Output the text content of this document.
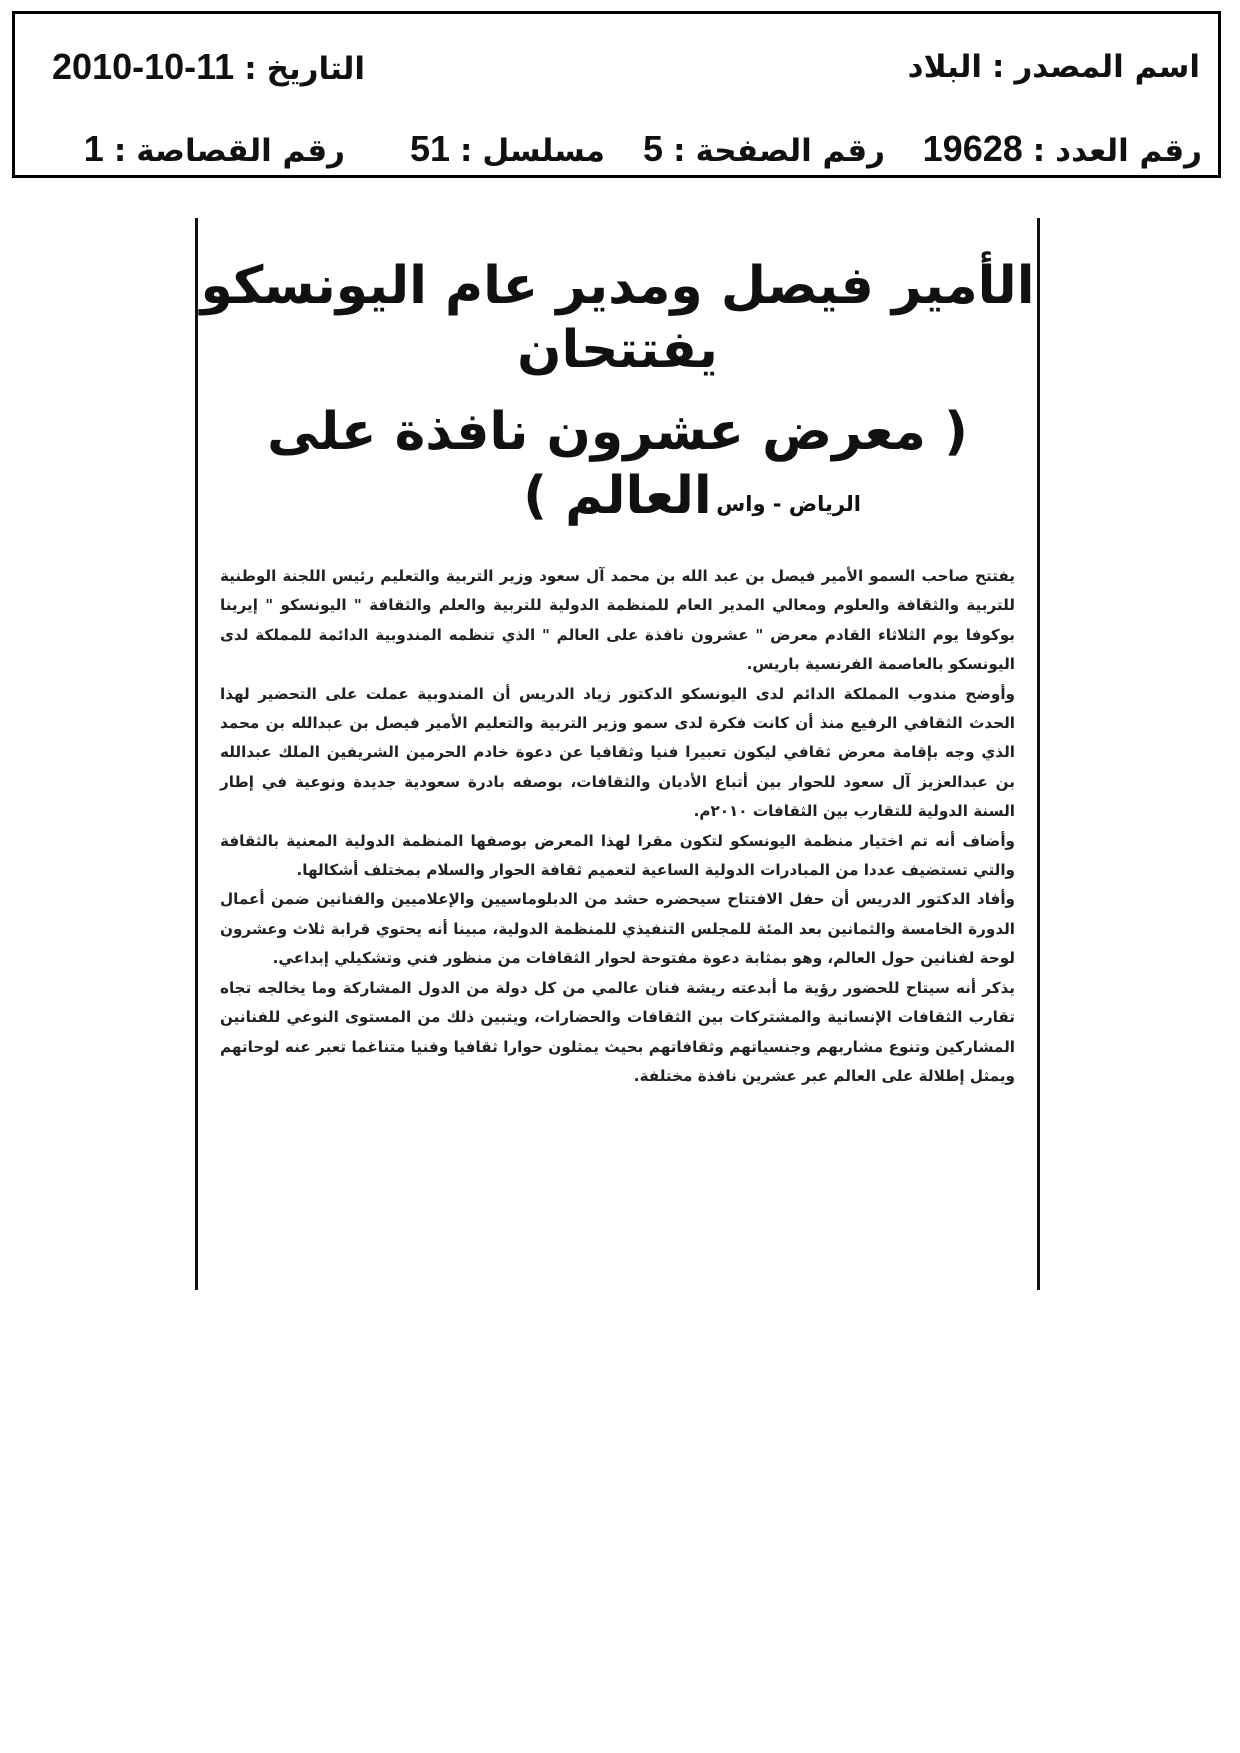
اسم المصدر:البلاد
التاريخ:2010-10-11
رقم العدد:19628
رقم الصفحة:5
مسلسل:51
رقم القصاصة:1
الأمير فيصل ومدير عام اليونسكو يفتتحان
( معرض عشرون نافذة على العالم ) الرياض - واس

يفتتح صاحب السمو الأمير فيصل بن عبد الله بن محمد آل سعود وزير التربية والتعليم رئيس اللجنة الوطنية للتربية والثقافة والعلوم ومعالي المدير العام للمنظمة الدولية للتربية والعلم والثقافة " اليونسكو " إيرينا بوكوفا يوم الثلاثاء القادم معرض " عشرون نافذة على العالم " الذي تنظمه المندوبية الدائمة للمملكة لدى اليونسكو بالعاصمة الفرنسية باريس.

وأوضح مندوب المملكة الدائم لدى اليونسكو الدكتور زياد الدريس أن المندوبية عملت على التحضير لهذا الحدث الثقافي الرفيع منذ أن كانت فكرة لدى سمو وزير التربية والتعليم الأمير فيصل بن عبدالله بن محمد الذي وجه بإقامة معرض ثقافي ليكون تعبيرا فنيا وثقافيا عن دعوة خادم الحرمين الشريفين الملك عبدالله بن عبدالعزيز آل سعود للحوار بين أتباع الأديان والثقافات، بوصفه بادرة سعودية جديدة ونوعية في إطار السنة الدولية للتقارب بين الثقافات ٢٠١٠م.

وأضاف أنه تم اختيار منظمة اليونسكو لتكون مقرا لهذا المعرض بوصفها المنظمة الدولية المعنية بالثقافة والتي تستضيف عددا من المبادرات الدولية الساعية لتعميم ثقافة الحوار والسلام بمختلف أشكالها.

وأفاد الدكتور الدريس أن حفل الافتتاح سيحضره حشد من الدبلوماسيين والإعلاميين والفنانين ضمن أعمال الدورة الخامسة والثمانين بعد المئة للمجلس التنفيذي للمنظمة الدولية، مبينا أنه يحتوي قرابة ثلاث وعشرون لوحة لفنانين حول العالم، وهو بمثابة دعوة مفتوحة لحوار الثقافات من منظور فني وتشكيلي إبداعي.

يذكر أنه سيتاح للحضور رؤية ما أبدعته ريشة فنان عالمي من كل دولة من الدول المشاركة وما يخالجه تجاه تقارب الثقافات الإنسانية والمشتركات بين الثقافات والحضارات، ويتبين ذلك من المستوى النوعي للفنانين المشاركين وتنوع مشاربهم وجنسياتهم وثقافاتهم بحيث يمثلون حوارا ثقافيا وفنيا متناغما تعبر عنه لوحاتهم ويمثل إطلالة على العالم عبر عشرين نافذة مختلفة.
